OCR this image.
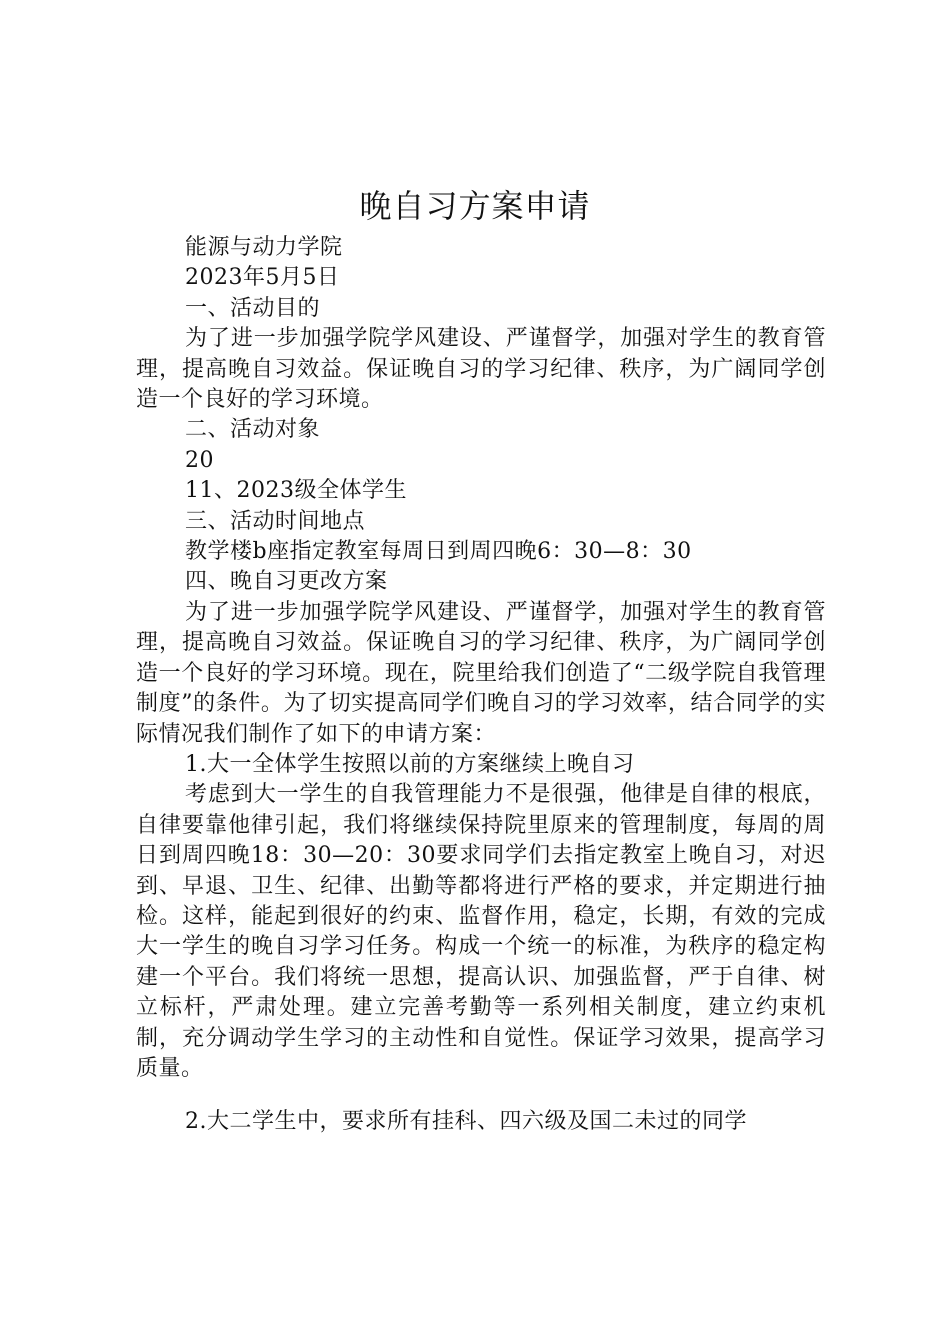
晚自习方案申请

能源与动力学院

2023年5月5日

一、活动目的

为了进一步加强学院学风建设、严谨督学，加强对学生的教育管理，提高晚自习效益。保证晚自习的学习纪律、秩序，为广阔同学创造一个良好的学习环境。

二、活动对象

20

11、2023级全体学生

三、活动时间地点

教学楼b座指定教室每周日到周四晚6：30—8：30

四、晚自习更改方案

为了进一步加强学院学风建设、严谨督学，加强对学生的教育管理，提高晚自习效益。保证晚自习的学习纪律、秩序，为广阔同学创造一个良好的学习环境。现在，院里给我们创造了“二级学院自我管理制度”的条件。为了切实提高同学们晚自习的学习效率，结合同学的实际情况我们制作了如下的申请方案：

1.大一全体学生按照以前的方案继续上晚自习

考虑到大一学生的自我管理能力不是很强，他律是自律的根底，自律要靠他律引起，我们将继续保持院里原来的管理制度，每周的周日到周四晚18：30—20：30要求同学们去指定教室上晚自习，对迟到、早退、卫生、纪律、出勤等都将进行严格的要求，并定期进行抽检。这样，能起到很好的约束、监督作用，稳定，长期，有效的完成大一学生的晚自习学习任务。构成一个统一的标准，为秩序的稳定构建一个平台。我们将统一思想，提高认识、加强监督，严于自律、树立标杆，严肃处理。建立完善考勤等一系列相关制度，建立约束机制，充分调动学生学习的主动性和自觉性。保证学习效果，提高学习质量。

2.大二学生中，要求所有挂科、四六级及国二未过的同学
